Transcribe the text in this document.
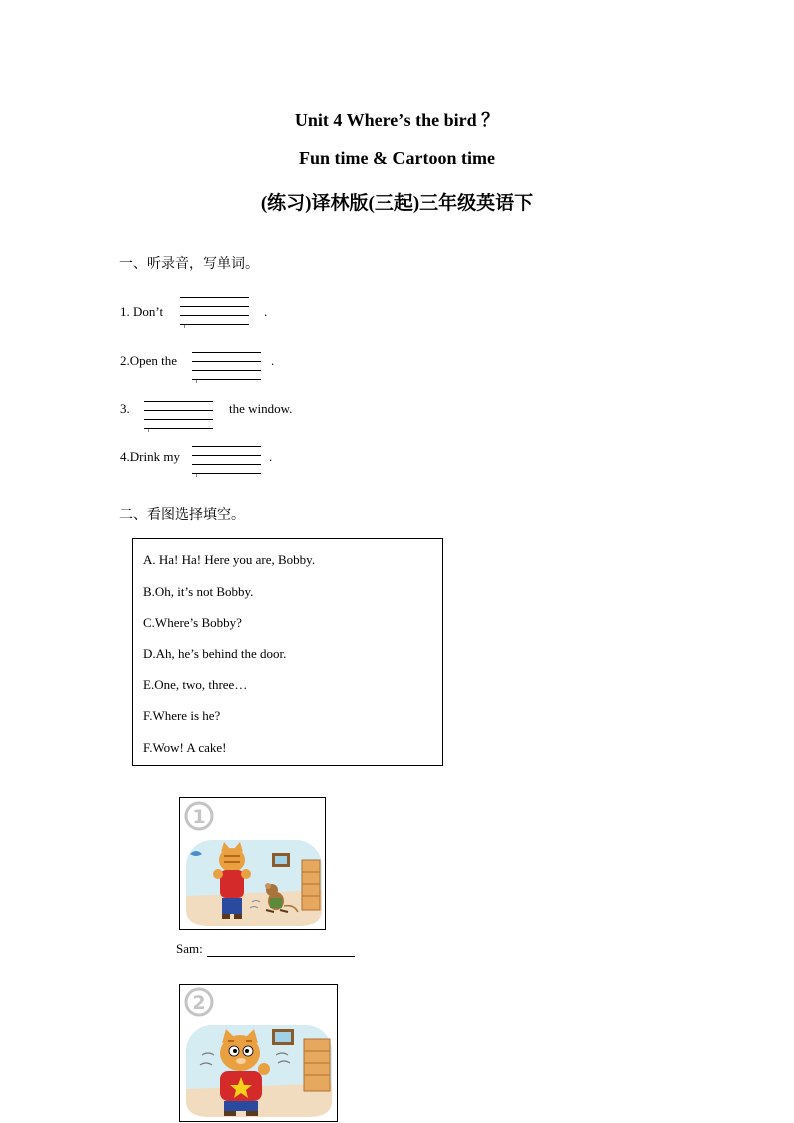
Unit 4 Where’s the bird ？
Fun time & Cartoon time
(练习)译林版(三起)三年级英语下
一、听录音，写单词。
1. Don’t	.
2.Open the	.
3.	the window.
4.Drink my	.
二、看图选择填空。
A. Ha! Ha! Here you are, Bobby.
B.Oh, it’s not Bobby.
C.Where’s Bobby?
D.Ah, he’s behind the door.
E.One, two, three…
F.Where is he?
F.Wow! A cake!
1
Sam:
2
